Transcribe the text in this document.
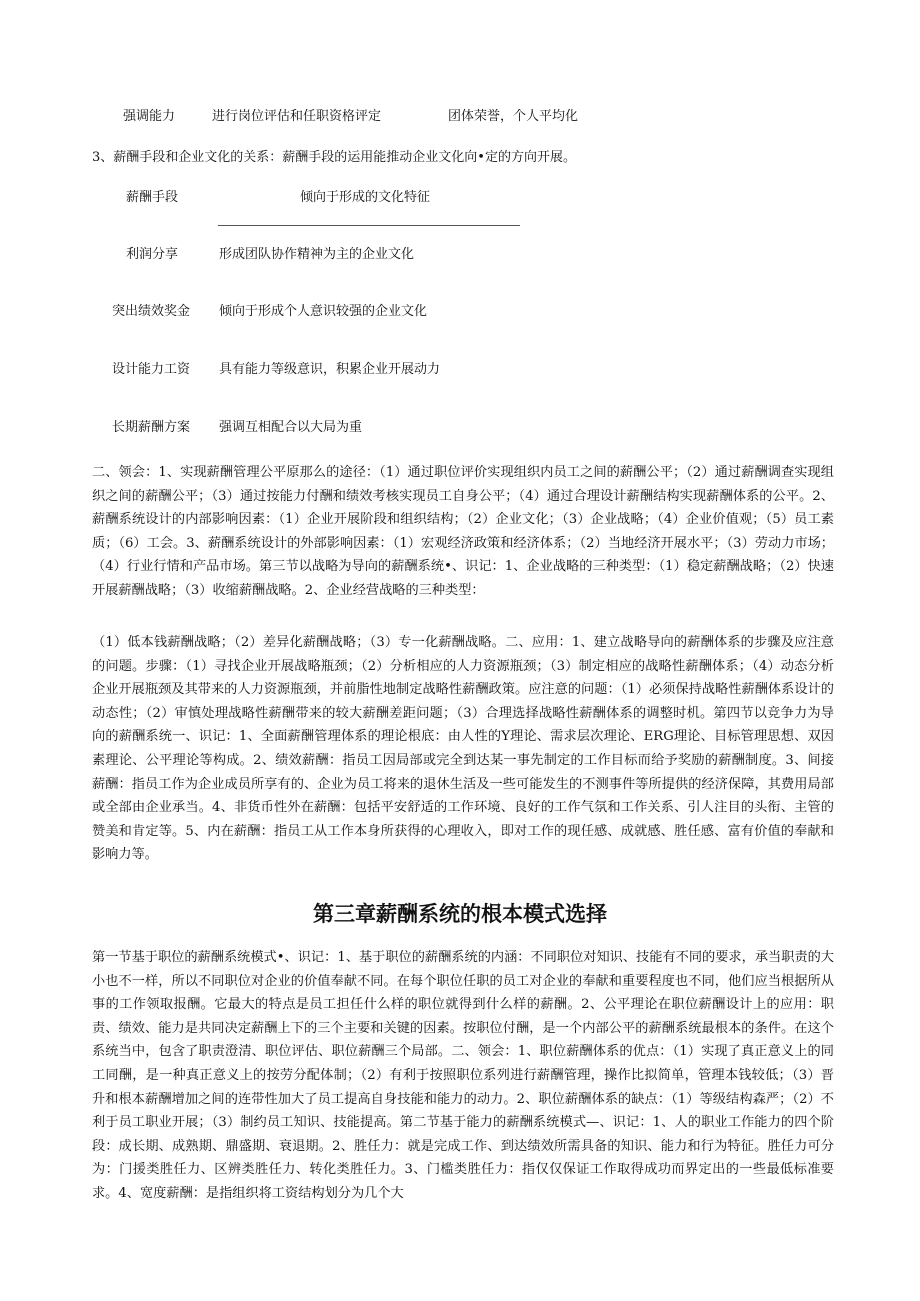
强调能力	进行岗位评估和任职资格评定	团体荣誉，个人平均化
3、薪酬手段和企业文化的关系：薪酬手段的运用能推动企业文化向•定的方向开展。
薪酬手段	倾向于形成的文化特征
利润分享	形成团队协作精神为主的企业文化
突出绩效奖金 倾向于形成个人意识较强的企业文化
设计能力工资 具有能力等级意识，积累企业开展动力
长期薪酬方案 强调互相配合以大局为重
二、领会：1、实现薪酬管理公平原那么的途径：（1）通过职位评价实现组织内员工之间的薪酬公平；（2）通过薪酬调查实现组织之间的薪酬公平；（3）通过按能力付酬和绩效考核实现员工自身公平；（4）通过合理设计薪酬结构实现薪酬体系的公平。2、薪酬系统设计的内部影响因素：（1）企业开展阶段和组织结构；（2）企业文化；（3）企业战略；（4）企业价值观；（5）员工素质；（6）工会。3、薪酬系统设计的外部影响因素：（1）宏观经济政策和经济体系；（2）当地经济开展水平；（3）劳动力市场；（4）行业行情和产品市场。第三节以战略为导向的薪酬系统•、识记：1、企业战略的三种类型：（1）稳定薪酬战略；（2）快速开展薪酬战略；（3）收缩薪酬战略。2、企业经营战略的三种类型：
（1）低本钱薪酬战略；（2）差异化薪酬战略；（3）专一化薪酬战略。二、应用：1、建立战略导向的薪酬体系的步骤及应注意的问题。步骤：（1）寻找企业开展战略瓶颈；（2）分析相应的人力资源瓶颈；（3）制定相应的战略性薪酬体系；（4）动态分析企业开展瓶颈及其带来的人力资源瓶颈，并前脂性地制定战略性薪酬政策。应注意的问题：（1）必须保持战略性薪酬体系设计的动态性；（2）审慎处理战略性薪酬带来的较大薪酬差距问题；（3）合理选择战略性薪酬体系的调整时机。第四节以竞争力为导向的薪酬系统一、识记：1、全面薪酬管理体系的理论根底：由人性的Y理论、需求层次理论、ERG理论、目标管理思想、双因素理论、公平理论等构成。2、绩效薪酬：指员工因局部或完全到达某一事先制定的工作目标而给予奖励的薪酬制度。3、间接薪酬：指员工作为企业成员所享有的、企业为员工将来的退休生活及一些可能发生的不测事件等所提供的经济保障，其费用局部或全部由企业承当。4、非货币性外在薪酬：包括平安舒适的工作环境、良好的工作气氛和工作关系、引人注目的头衔、主管的赞美和肯定等。5、内在薪酬：指员工从工作本身所获得的心理收入，即对工作的现任感、成就感、胜任感、富有价值的奉献和影响力等。
第三章薪酬系统的根本模式选择
第一节基于职位的薪酬系统模式•、识记：1、基于职位的薪酬系统的内涵：不同职位对知识、技能有不同的要求，承当职责的大小也不一样，所以不同职位对企业的价值奉献不同。在每个职位任职的员工对企业的奉献和重要程度也不同，他们应当根据所从事的工作领取报酬。它最大的特点是员工担任什么样的职位就得到什么样的薪酬。2、公平理论在职位薪酬设计上的应用：职责、绩效、能力是共同决定薪酬上下的三个主要和关键的因素。按职位付酬，是一个内部公平的薪酬系统最根本的条件。在这个系统当中，包含了职责澄清、职位评估、职位薪酬三个局部。二、领会：1、职位薪酬体系的优点：（1）实现了真正意义上的同工同酬，是一种真正意义上的按劳分配体制；（2）有利于按照职位系列进行薪酬管理，操作比拟简单，管理本钱较低；（3）晋升和根本薪酬增加之间的连带性加大了员工提高自身技能和能力的动力。2、职位薪酬体系的缺点：（1）等级结构森严；（2）不利于员工职业开展；（3）制约员工知识、技能提高。第二节基于能力的薪酬系统模式—、识记：1、人的职业工作能力的四个阶段：成长期、成熟期、鼎盛期、衰退期。2、胜任力：就是完成工作、到达绩效所需具备的知识、能力和行为特征。胜任力可分为：门援类胜任力、区辨类胜任力、转化类胜任力。3、门槛类胜任力：指仅仅保证工作取得成功而界定出的一些最低标准要求。4、宽度薪酬：是指组织将工资结构划分为几个大
